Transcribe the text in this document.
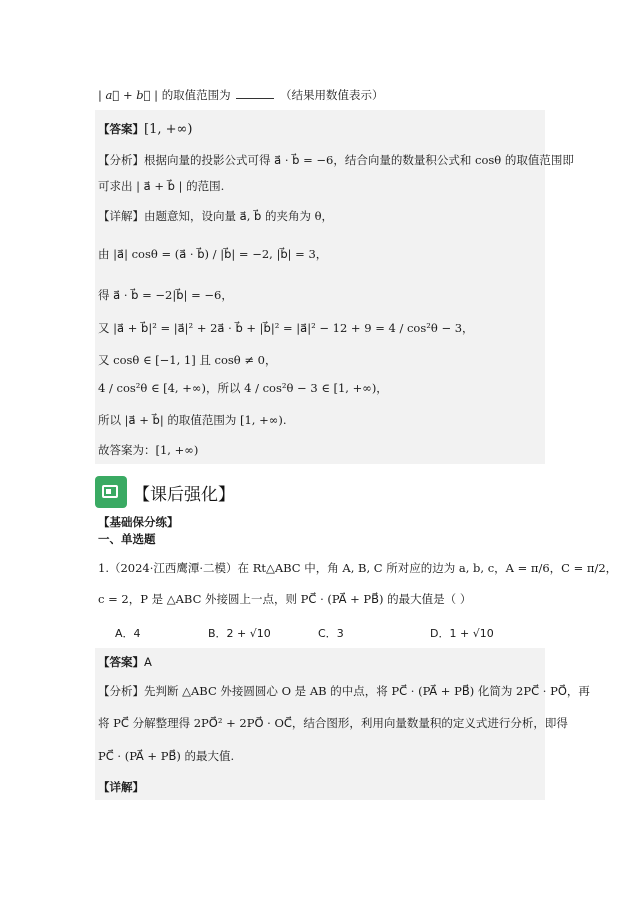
| a⃗ + b⃗ | 的取值范围为	（结果用数值表示）
【答案】[1, +∞)
【分析】根据向量的投影公式可得 a⃗ · b⃗ = −6，结合向量的数量积公式和 cosθ 的取值范围即
可求出 | a⃗ + b⃗ | 的范围.
【详解】由题意知，设向量 a⃗, b⃗ 的夹角为 θ，
由 |a⃗| cosθ = (a⃗ · b⃗) / |b⃗| = −2, |b⃗| = 3，
得 a⃗ · b⃗ = −2|b⃗| = −6，
又 |a⃗ + b⃗|² = |a⃗|² + 2a⃗ · b⃗ + |b⃗|² = |a⃗|² − 12 + 9 = 4 / cos²θ − 3，
又 cosθ ∈ [−1, 1] 且 cosθ ≠ 0，
4 / cos²θ ∈ [4, +∞)，所以 4 / cos²θ − 3 ∈ [1, +∞)，
所以 |a⃗ + b⃗| 的取值范围为 [1, +∞).
故答案为：[1, +∞)
【课后强化】
【基础保分练】
一、单选题
1.（2024·江西鹰潭·二模）在 Rt△ABC 中，角 A, B, C 所对应的边为 a, b, c，A = π/6，C = π/2，
c = 2，P 是 △ABC 外接圆上一点，则 PC⃗ · (PA⃗ + PB⃗) 的最大值是（ ）
A．4	B．2 + √10	C．3	D．1 + √10
【答案】A
【分析】先判断 △ABC 外接圆圆心 O 是 AB 的中点，将 PC⃗ · (PA⃗ + PB⃗) 化简为 2PC⃗ · PO⃗，再
将 PC⃗ 分解整理得 2PO⃗² + 2PO⃗ · OC⃗，结合图形，利用向量数量积的定义式进行分析，即得
PC⃗ · (PA⃗ + PB⃗) 的最大值.
【详解】
